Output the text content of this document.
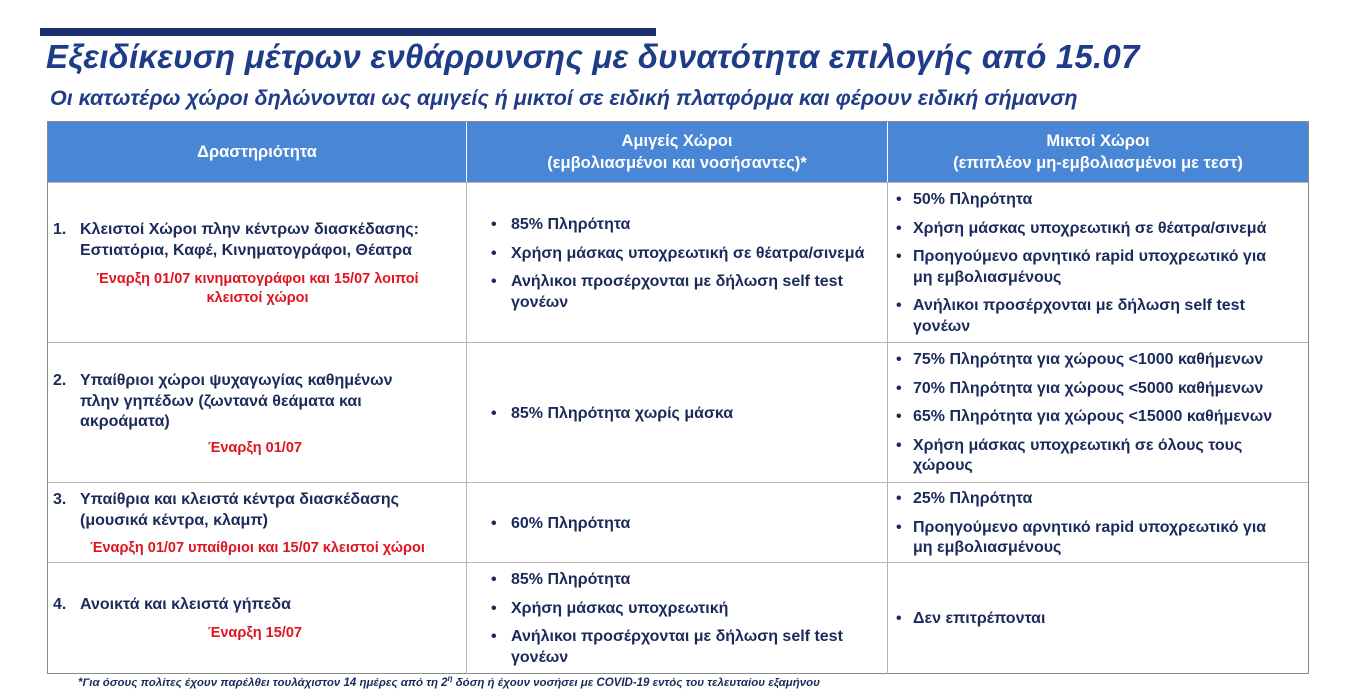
Εξειδίκευση μέτρων ενθάρρυνσης με δυνατότητα επιλογής από 15.07
Οι κατωτέρω χώροι δηλώνονται ως αμιγείς ή μικτοί σε ειδική πλατφόρμα και φέρουν ειδική σήμανση
Δραστηριότητα
Αμιγείς Χώροι
(εμβολιασμένοι και νοσήσαντες)*
Μικτοί Χώροι
(επιπλέον μη-εμβολιασμένοι με τεστ)
1. Κλειστοί Χώροι πλην κέντρων διασκέδασης:
Εστιατόρια, Καφέ, Κινηματογράφοι, Θέατρα
Έναρξη 01/07 κινηματογράφοι και 15/07 λοιποί
κλειστοί χώροι
• 85% Πληρότητα
• Χρήση μάσκας υποχρεωτική σε θέατρα/σινεμά
• Ανήλικοι προσέρχονται με δήλωση self test
γονέων
• 50% Πληρότητα
• Χρήση μάσκας υποχρεωτική σε θέατρα/σινεμά
• Προηγούμενο αρνητικό rapid υποχρεωτικό για
μη εμβολιασμένους
• Ανήλικοι προσέρχονται με δήλωση self test
γονέων
2. Υπαίθριοι χώροι ψυχαγωγίας καθημένων
πλην γηπέδων (ζωντανά θεάματα και
ακροάματα)
Έναρξη 01/07
• 85% Πληρότητα χωρίς μάσκα
• 75% Πληρότητα για χώρους <1000 καθήμενων
• 70% Πληρότητα για χώρους <5000 καθήμενων
• 65% Πληρότητα για χώρους <15000 καθήμενων
• Χρήση μάσκας υποχρεωτική σε όλους τους
χώρους
3. Υπαίθρια και κλειστά κέντρα διασκέδασης
(μουσικά κέντρα, κλαμπ)
Έναρξη 01/07 υπαίθριοι και 15/07 κλειστοί χώροι
• 60% Πληρότητα
• 25% Πληρότητα
• Προηγούμενο αρνητικό rapid υποχρεωτικό για
μη εμβολιασμένους
4. Ανοικτά και κλειστά γήπεδα
Έναρξη 15/07
• 85% Πληρότητα
• Χρήση μάσκας υποχρεωτική
• Ανήλικοι προσέρχονται με δήλωση self test
γονέων
• Δεν επιτρέπονται
*Για όσους πολίτες έχουν παρέλθει τουλάχιστον 14 ημέρες από τη $2^\eta$ δόση ή έχουν νοσήσει με COVID-19 εντός του τελευταίου εξαμήνου
